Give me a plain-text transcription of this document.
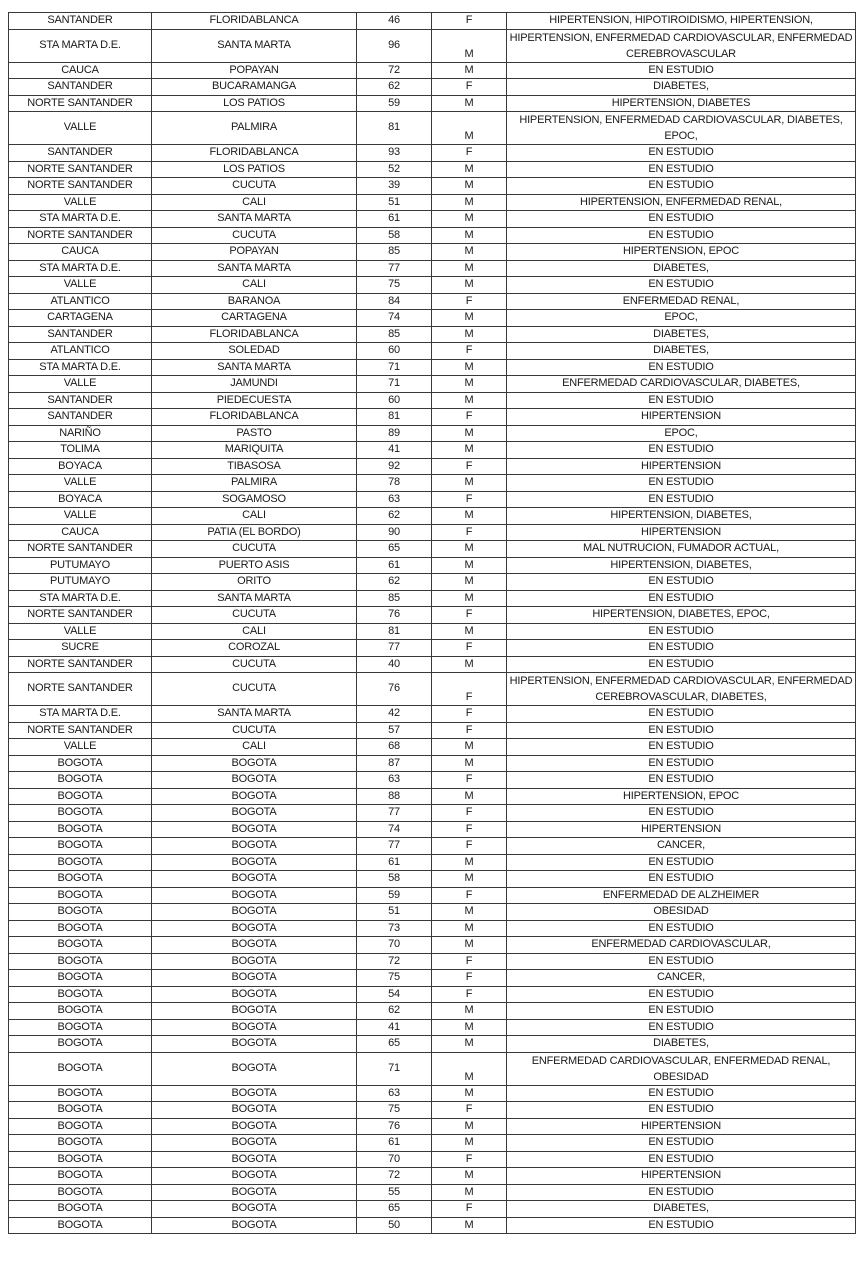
SANTANDER	FLORIDABLANCA	46	F	HIPERTENSION, HIPOTIROIDISMO, HIPERTENSION,
STA MARTA D.E.	SANTA MARTA	96	M	HIPERTENSION, ENFERMEDAD CARDIOVASCULAR, ENFERMEDAD CEREBROVASCULAR
CAUCA	POPAYAN	72	M	EN ESTUDIO
SANTANDER	BUCARAMANGA	62	F	DIABETES,
NORTE SANTANDER	LOS PATIOS	59	M	HIPERTENSION, DIABETES
VALLE	PALMIRA	81	M	HIPERTENSION, ENFERMEDAD CARDIOVASCULAR, DIABETES, EPOC,
SANTANDER	FLORIDABLANCA	93	F	EN ESTUDIO
NORTE SANTANDER	LOS PATIOS	52	M	EN ESTUDIO
NORTE SANTANDER	CUCUTA	39	M	EN ESTUDIO
VALLE	CALI	51	M	HIPERTENSION, ENFERMEDAD RENAL,
STA MARTA D.E.	SANTA MARTA	61	M	EN ESTUDIO
NORTE SANTANDER	CUCUTA	58	M	EN ESTUDIO
CAUCA	POPAYAN	85	M	HIPERTENSION, EPOC
STA MARTA D.E.	SANTA MARTA	77	M	DIABETES,
VALLE	CALI	75	M	EN ESTUDIO
ATLANTICO	BARANOA	84	F	ENFERMEDAD RENAL,
CARTAGENA	CARTAGENA	74	M	EPOC,
SANTANDER	FLORIDABLANCA	85	M	DIABETES,
ATLANTICO	SOLEDAD	60	F	DIABETES,
STA MARTA D.E.	SANTA MARTA	71	M	EN ESTUDIO
VALLE	JAMUNDI	71	M	ENFERMEDAD CARDIOVASCULAR, DIABETES,
SANTANDER	PIEDECUESTA	60	M	EN ESTUDIO
SANTANDER	FLORIDABLANCA	81	F	HIPERTENSION
NARIÑO	PASTO	89	M	EPOC,
TOLIMA	MARIQUITA	41	M	EN ESTUDIO
BOYACA	TIBASOSA	92	F	HIPERTENSION
VALLE	PALMIRA	78	M	EN ESTUDIO
BOYACA	SOGAMOSO	63	F	EN ESTUDIO
VALLE	CALI	62	M	HIPERTENSION, DIABETES,
CAUCA	PATIA (EL BORDO)	90	F	HIPERTENSION
NORTE SANTANDER	CUCUTA	65	M	MAL NUTRUCION, FUMADOR ACTUAL,
PUTUMAYO	PUERTO ASIS	61	M	HIPERTENSION, DIABETES,
PUTUMAYO	ORITO	62	M	EN ESTUDIO
STA MARTA D.E.	SANTA MARTA	85	M	EN ESTUDIO
NORTE SANTANDER	CUCUTA	76	F	HIPERTENSION, DIABETES, EPOC,
VALLE	CALI	81	M	EN ESTUDIO
SUCRE	COROZAL	77	F	EN ESTUDIO
NORTE SANTANDER	CUCUTA	40	M	EN ESTUDIO
NORTE SANTANDER	CUCUTA	76	F	HIPERTENSION, ENFERMEDAD CARDIOVASCULAR, ENFERMEDAD CEREBROVASCULAR, DIABETES,
STA MARTA D.E.	SANTA MARTA	42	F	EN ESTUDIO
NORTE SANTANDER	CUCUTA	57	F	EN ESTUDIO
VALLE	CALI	68	M	EN ESTUDIO
BOGOTA	BOGOTA	87	M	EN ESTUDIO
BOGOTA	BOGOTA	63	F	EN ESTUDIO
BOGOTA	BOGOTA	88	M	HIPERTENSION, EPOC
BOGOTA	BOGOTA	77	F	EN ESTUDIO
BOGOTA	BOGOTA	74	F	HIPERTENSION
BOGOTA	BOGOTA	77	F	CANCER,
BOGOTA	BOGOTA	61	M	EN ESTUDIO
BOGOTA	BOGOTA	58	M	EN ESTUDIO
BOGOTA	BOGOTA	59	F	ENFERMEDAD DE ALZHEIMER
BOGOTA	BOGOTA	51	M	OBESIDAD
BOGOTA	BOGOTA	73	M	EN ESTUDIO
BOGOTA	BOGOTA	70	M	ENFERMEDAD CARDIOVASCULAR,
BOGOTA	BOGOTA	72	F	EN ESTUDIO
BOGOTA	BOGOTA	75	F	CANCER,
BOGOTA	BOGOTA	54	F	EN ESTUDIO
BOGOTA	BOGOTA	62	M	EN ESTUDIO
BOGOTA	BOGOTA	41	M	EN ESTUDIO
BOGOTA	BOGOTA	65	M	DIABETES,
BOGOTA	BOGOTA	71	M	ENFERMEDAD CARDIOVASCULAR, ENFERMEDAD RENAL, OBESIDAD
BOGOTA	BOGOTA	63	M	EN ESTUDIO
BOGOTA	BOGOTA	75	F	EN ESTUDIO
BOGOTA	BOGOTA	76	M	HIPERTENSION
BOGOTA	BOGOTA	61	M	EN ESTUDIO
BOGOTA	BOGOTA	70	F	EN ESTUDIO
BOGOTA	BOGOTA	72	M	HIPERTENSION
BOGOTA	BOGOTA	55	M	EN ESTUDIO
BOGOTA	BOGOTA	65	F	DIABETES,
BOGOTA	BOGOTA	50	M	EN ESTUDIO
